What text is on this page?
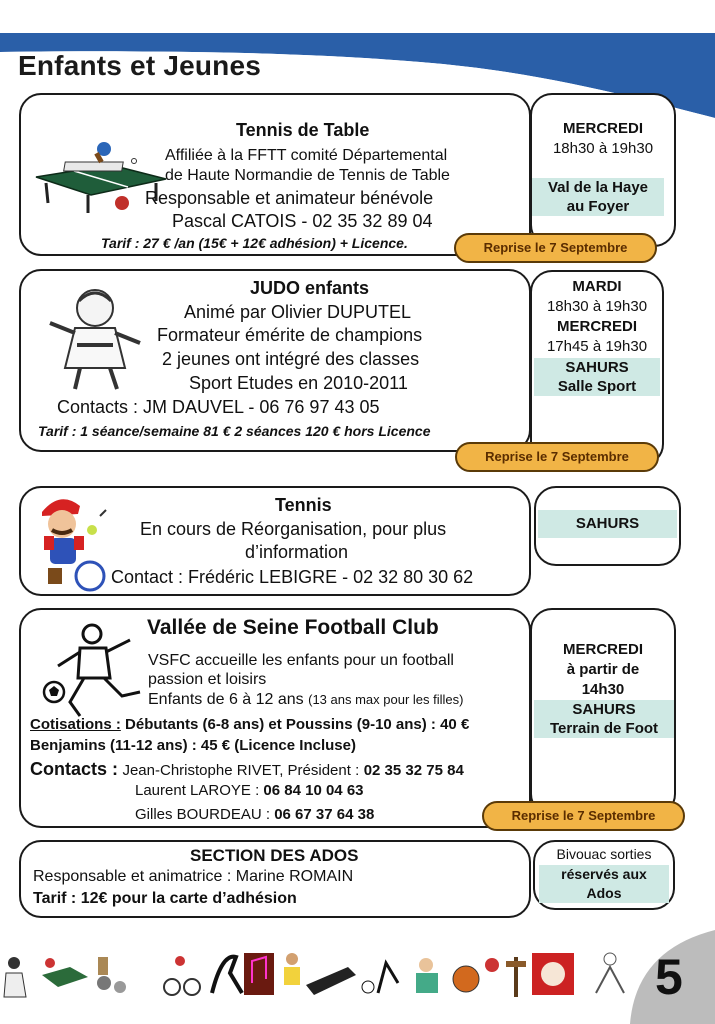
Enfants et Jeunes
Tennis de Table
Affiliée à la FFTT comité Départemental
de Haute Normandie de Tennis de Table
Responsable et animateur bénévole
Pascal CATOIS - 02 35 32 89 04
Tarif : 27 € /an (15€ + 12€ adhésion) + Licence.
MERCREDI
18h30 à 19h30
Val de la Haye
au Foyer
Reprise le 7 Septembre
JUDO enfants
Animé par Olivier DUPUTEL
Formateur émérite de champions
2 jeunes ont intégré des classes
Sport Etudes en 2010-2011
Contacts : JM DAUVEL - 06 76 97 43 05
Tarif : 1 séance/semaine 81 € 2 séances 120 € hors Licence
MARDI
18h30 à 19h30
MERCREDI
17h45 à 19h30
SAHURS
Salle Sport
Reprise le 7 Septembre
Tennis
En cours de Réorganisation, pour plus
d’information
Contact : Frédéric LEBIGRE - 02 32 80 30 62
SAHURS
Vallée de Seine Football Club
VSFC accueille les enfants pour un football
passion et loisirs
Enfants de 6 à 12 ans (13 ans max pour les filles)
Cotisations : Débutants (6-8 ans) et Poussins (9-10 ans) : 40 €
Benjamins (11-12 ans) : 45 € (Licence Incluse)
Contacts : Jean-Christophe RIVET, Président : 02 35 32 75 84
Laurent LAROYE : 06 84 10 04 63
Gilles BOURDEAU : 06 67 37 64 38
MERCREDI
à partir de
14h30
SAHURS
Terrain de Foot
Reprise le 7 Septembre
SECTION DES ADOS
Responsable et animatrice : Marine ROMAIN
Tarif : 12€ pour la carte d’adhésion
Bivouac sorties
réservés aux
Ados
5
